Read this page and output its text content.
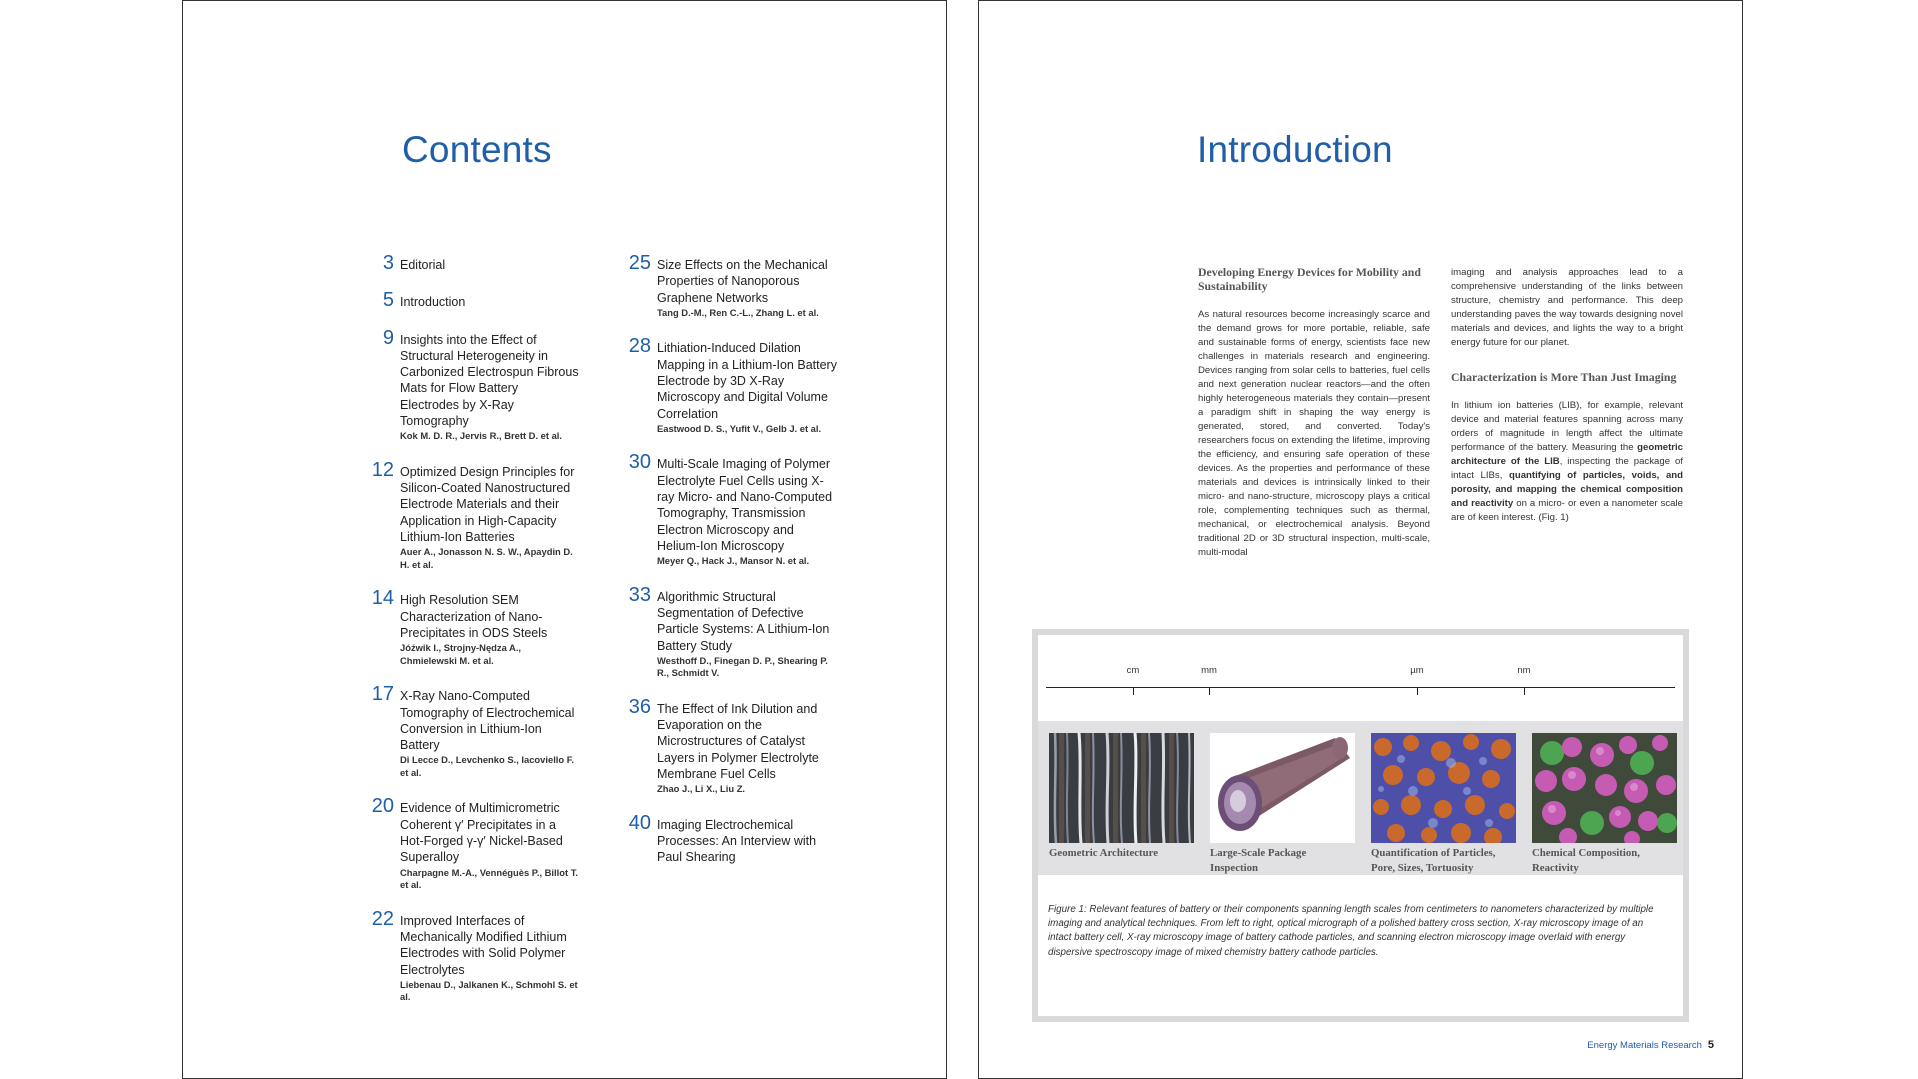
Contents
3 Editorial
5 Introduction
9 Insights into the Effect of Structural Heterogeneity in Carbonized Electrospun Fibrous Mats for Flow Battery Electrodes by X-Ray Tomography
Kok M. D. R., Jervis R., Brett D. et al.
12 Optimized Design Principles for Silicon-Coated Nanostructured Electrode Materials and their Application in High-Capacity Lithium-Ion Batteries
Auer A., Jonasson N. S. W., Apaydin D. H. et al.
14 High Resolution SEM Characterization of Nano-Precipitates in ODS Steels
Jóźwik I., Strojny-Nędza A., Chmielewski M. et al.
17 X-Ray Nano-Computed Tomography of Electrochemical Conversion in Lithium-Ion Battery
Di Lecce D., Levchenko S., Iacoviello F. et al.
20 Evidence of Multimicrometric Coherent γ′ Precipitates in a Hot-Forged γ-γ′ Nickel-Based Superalloy
Charpagne M.-A., Vennéguès P., Billot T. et al.
22 Improved Interfaces of Mechanically Modified Lithium Electrodes with Solid Polymer Electrolytes
Liebenau D., Jalkanen K., Schmohl S. et al.
25 Size Effects on the Mechanical Properties of Nanoporous Graphene Networks
Tang D.-M., Ren C.-L., Zhang L. et al.
28 Lithiation-Induced Dilation Mapping in a Lithium-Ion Battery Electrode by 3D X-Ray Microscopy and Digital Volume Correlation
Eastwood D. S., Yufit V., Gelb J. et al.
30 Multi-Scale Imaging of Polymer Electrolyte Fuel Cells using X-ray Micro- and Nano-Computed Tomography, Transmission Electron Microscopy and Helium-Ion Microscopy
Meyer Q., Hack J., Mansor N. et al.
33 Algorithmic Structural Segmentation of Defective Particle Systems: A Lithium-Ion Battery Study
Westhoff D., Finegan D. P., Shearing P. R., Schmidt V.
36 The Effect of Ink Dilution and Evaporation on the Microstructures of Catalyst Layers in Polymer Electrolyte Membrane Fuel Cells
Zhao J., Li X., Liu Z.
40 Imaging Electrochemical Processes: An Interview with Paul Shearing
Introduction
Developing Energy Devices for Mobility and Sustainability

As natural resources become increasingly scarce and the demand grows for more portable, reliable, safe and sustainable forms of energy, scientists face new challenges in materials research and engineering. Devices ranging from solar cells to batteries, fuel cells and next generation nuclear reactors—and the often highly heterogeneous materials they contain—present a paradigm shift in shaping the way energy is generated, stored, and converted. Today's researchers focus on extending the lifetime, improving the efficiency, and ensuring safe operation of these devices. As the properties and performance of these materials and devices is intrinsically linked to their micro- and nano-structure, microscopy plays a critical role, complementing techniques such as thermal, mechanical, or electrochemical analysis. Beyond traditional 2D or 3D structural inspection, multi-scale, multi-modal

imaging and analysis approaches lead to a comprehensive understanding of the links between structure, chemistry and performance. This deep understanding paves the way towards designing novel materials and devices, and lights the way to a bright energy future for our planet.

Characterization is More Than Just Imaging

In lithium ion batteries (LIB), for example, relevant device and material features spanning across many orders of magnitude in length affect the ultimate performance of the battery. Measuring the geometric architecture of the LIB, inspecting the package of intact LIBs, quantifying of particles, voids, and porosity, and mapping the chemical composition and reactivity on a micro- or even a nanometer scale are of keen interest. (Fig. 1)

cm	mm	µm	nm
Geometric Architecture	Large-Scale Package Inspection
Quantification of Particles, Pore, Sizes, Tortuosity
Chemical Composition, Reactivity
Figure 1: Relevant features of battery or their components spanning length scales from centimeters to nanometers characterized by multiple imaging and analytical techniques. From left to right, optical micrograph of a polished battery cross section, X-ray microscopy image of an intact battery cell, X-ray microscopy image of battery cathode particles, and scanning electron microscopy image overlaid with energy dispersive spectroscopy image of mixed chemistry battery cathode particles.
Energy Materials Research 5
